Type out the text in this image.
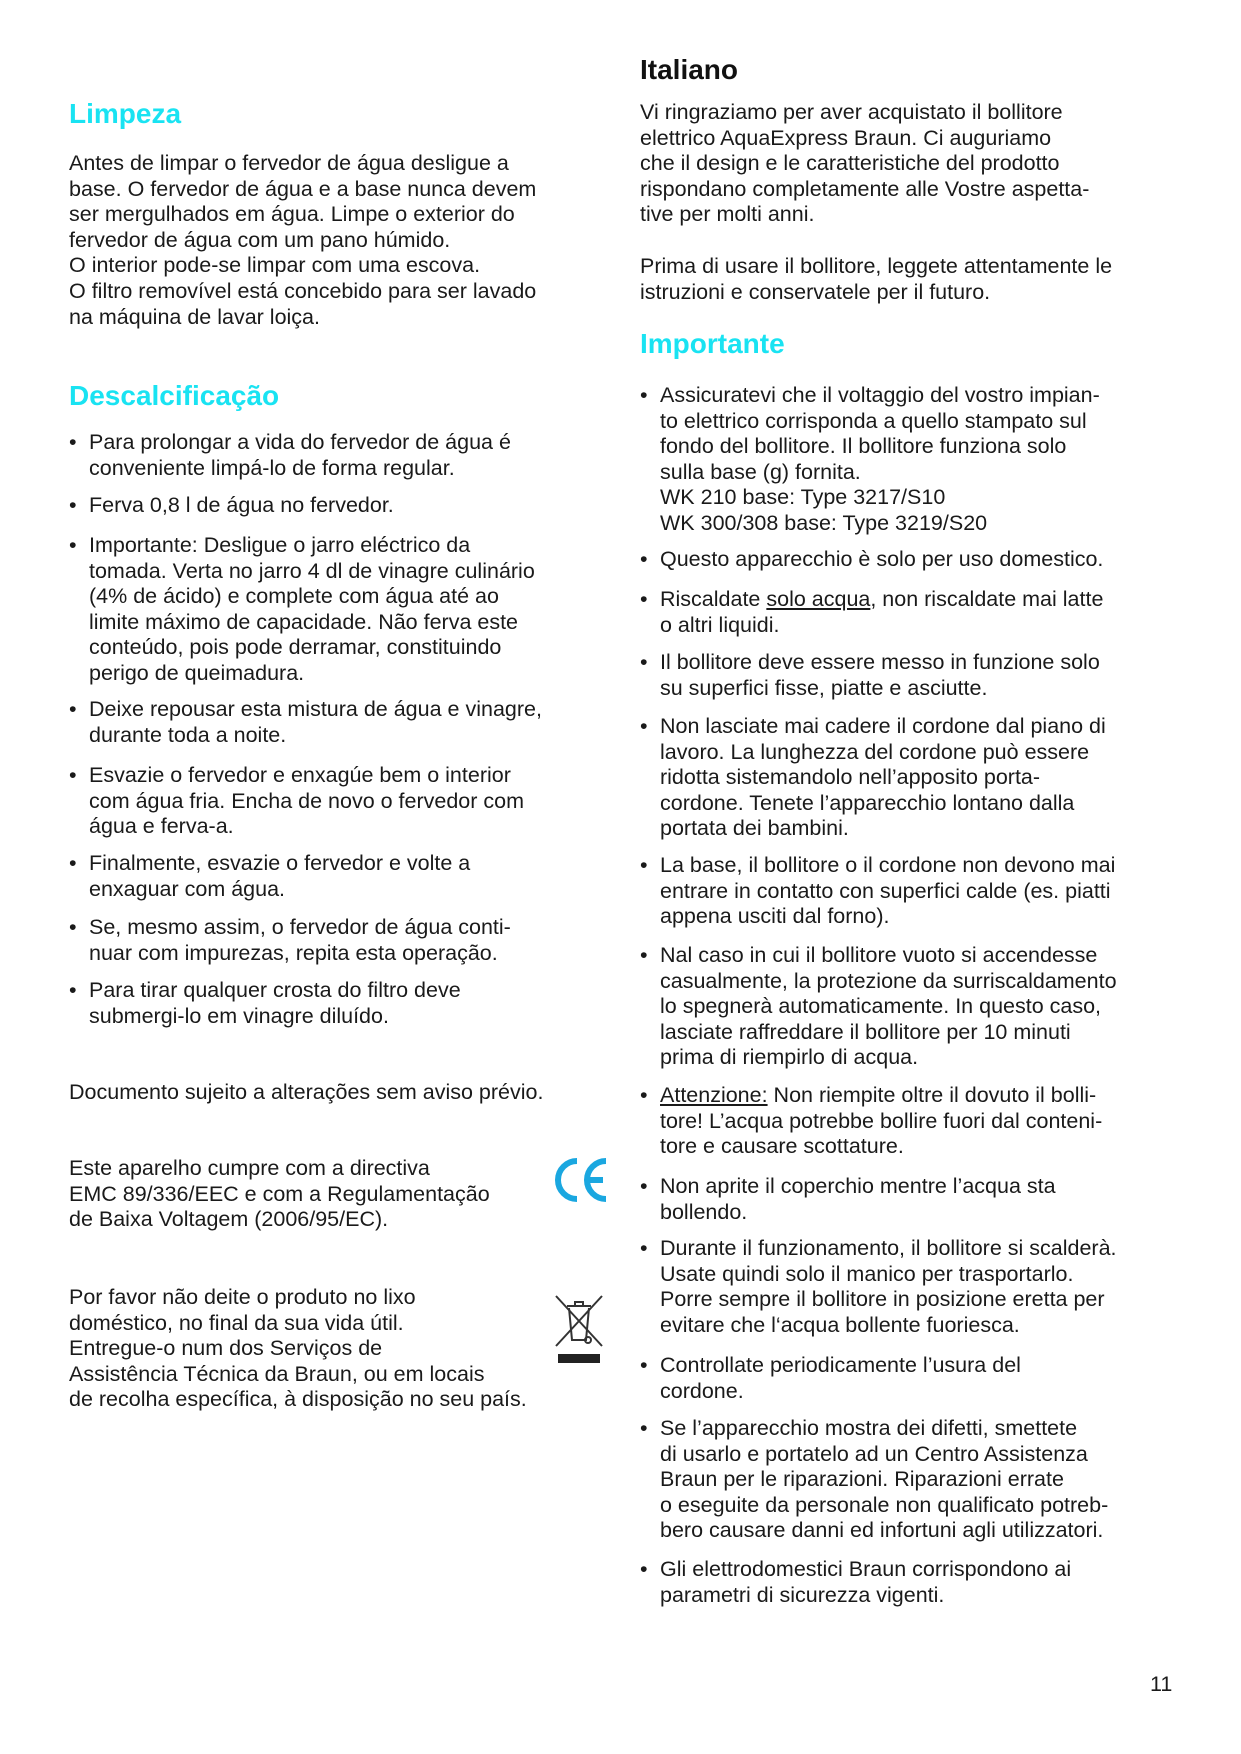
Limpeza
Antes de limpar o fervedor de água desligue a
base. O fervedor de água e a base nunca devem
ser mergulhados em água. Limpe o exterior do
fervedor de água com um pano húmido.
O interior pode-se limpar com uma escova.
O filtro removível está concebido para ser lavado
na máquina de lavar loiça.
Descalcificação
• Para prolongar a vida do fervedor de água é
conveniente limpá-lo de forma regular.
• Ferva 0,8 l de água no fervedor.
• Importante: Desligue o jarro eléctrico da
tomada. Verta no jarro 4 dl de vinagre culinário
(4% de ácido) e complete com água até ao
limite máximo de capacidade. Não ferva este
conteúdo, pois pode derramar, constituindo
perigo de queimadura.
• Deixe repousar esta mistura de água e vinagre,
durante toda a noite.
• Esvazie o fervedor e enxagúe bem o interior
com água fria. Encha de novo o fervedor com
água e ferva-a.
• Finalmente, esvazie o fervedor e volte a
enxaguar com água.
• Se, mesmo assim, o fervedor de água conti-
nuar com impurezas, repita esta operação.
• Para tirar qualquer crosta do filtro deve
submergi-lo em vinagre diluído.
Documento sujeito a alterações sem aviso prévio.
Este aparelho cumpre com a directiva
EMC 89/336/EEC e com a Regulamentação
de Baixa Voltagem (2006/95/EC).
Por favor não deite o produto no lixo
doméstico, no final da sua vida útil.
Entregue-o num dos Serviços de
Assistência Técnica da Braun, ou em locais
de recolha específica, à disposição no seu país.
Italiano
Vi ringraziamo per aver acquistato il bollitore
elettrico AquaExpress Braun. Ci auguriamo
che il design e le caratteristiche del prodotto
rispondano completamente alle Vostre aspetta-
tive per molti anni.
Prima di usare il bollitore, leggete attentamente le
istruzioni e conservatele per il futuro.
Importante
• Assicuratevi che il voltaggio del vostro impian-
to elettrico corrisponda a quello stampato sul
fondo del bollitore. Il bollitore funziona solo
sulla base (g) fornita.
WK 210 base: Type 3217/S10
WK 300/308 base: Type 3219/S20
• Questo apparecchio è solo per uso domestico.
• Riscaldate solo acqua, non riscaldate mai latte
o altri liquidi.
• Il bollitore deve essere messo in funzione solo
su superfici fisse, piatte e asciutte.
• Non lasciate mai cadere il cordone dal piano di
lavoro. La lunghezza del cordone può essere
ridotta sistemandolo nell’apposito porta-
cordone. Tenete l’apparecchio lontano dalla
portata dei bambini.
• La base, il bollitore o il cordone non devono mai
entrare in contatto con superfici calde (es. piatti
appena usciti dal forno).
• Nal caso in cui il bollitore vuoto si accendesse
casualmente, la protezione da surriscaldamento
lo spegnerà automaticamente. In questo caso,
lasciate raffreddare il bollitore per 10 minuti
prima di riempirlo di acqua.
• Attenzione: Non riempite oltre il dovuto il bolli-
tore! L’acqua potrebbe bollire fuori dal conteni-
tore e causare scottature.
• Non aprite il coperchio mentre l’acqua sta
bollendo.
• Durante il funzionamento, il bollitore si scalderà.
Usate quindi solo il manico per trasportarlo.
Porre sempre il bollitore in posizione eretta per
evitare che l‘acqua bollente fuoriesca.
• Controllate periodicamente l’usura del
cordone.
• Se l’apparecchio mostra dei difetti, smettete
di usarlo e portatelo ad un Centro Assistenza
Braun per le riparazioni. Riparazioni errate
o eseguite da personale non qualificato potreb-
bero causare danni ed infortuni agli utilizzatori.
• Gli elettrodomestici Braun corrispondono ai
parametri di sicurezza vigenti.
11
